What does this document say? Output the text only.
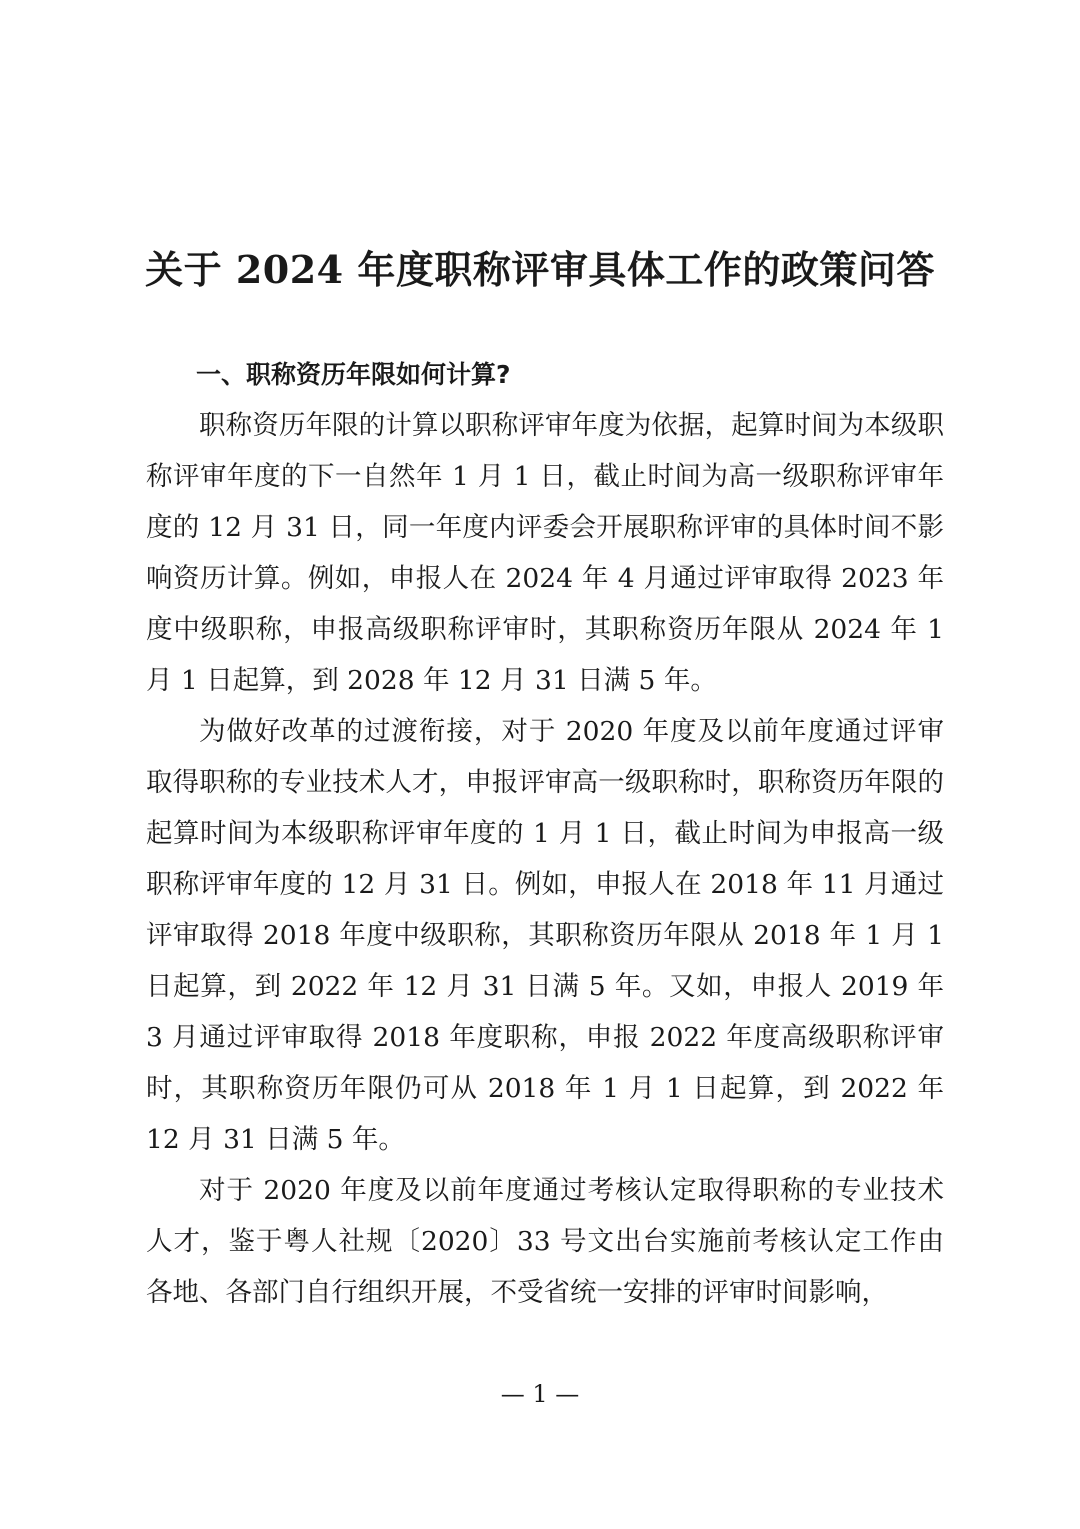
关于 2024 年度职称评审具体工作的政策问答

一、职称资历年限如何计算?

职称资历年限的计算以职称评审年度为依据，起算时间为本级职称评审年度的下一自然年 1 月 1 日，截止时间为高一级职称评审年度的 12 月 31 日，同一年度内评委会开展职称评审的具体时间不影响资历计算。例如，申报人在 2024 年 4 月通过评审取得 2023 年度中级职称，申报高级职称评审时，其职称资历年限从 2024 年 1 月 1 日起算，到 2028 年 12 月 31 日满 5 年。

为做好改革的过渡衔接，对于 2020 年度及以前年度通过评审取得职称的专业技术人才，申报评审高一级职称时，职称资历年限的起算时间为本级职称评审年度的 1 月 1 日，截止时间为申报高一级职称评审年度的 12 月 31 日。例如，申报人在 2018 年 11 月通过评审取得 2018 年度中级职称，其职称资历年限从 2018 年 1 月 1 日起算，到 2022 年 12 月 31 日满 5 年。又如，申报人 2019 年 3 月通过评审取得 2018 年度职称，申报 2022 年度高级职称评审时，其职称资历年限仍可从 2018 年 1 月 1 日起算，到 2022 年 12 月 31 日满 5 年。

对于 2020 年度及以前年度通过考核认定取得职称的专业技术人才，鉴于粤人社规〔2020〕33 号文出台实施前考核认定工作由各地、各部门自行组织开展，不受省统一安排的评审时间影响，

— 1 —
